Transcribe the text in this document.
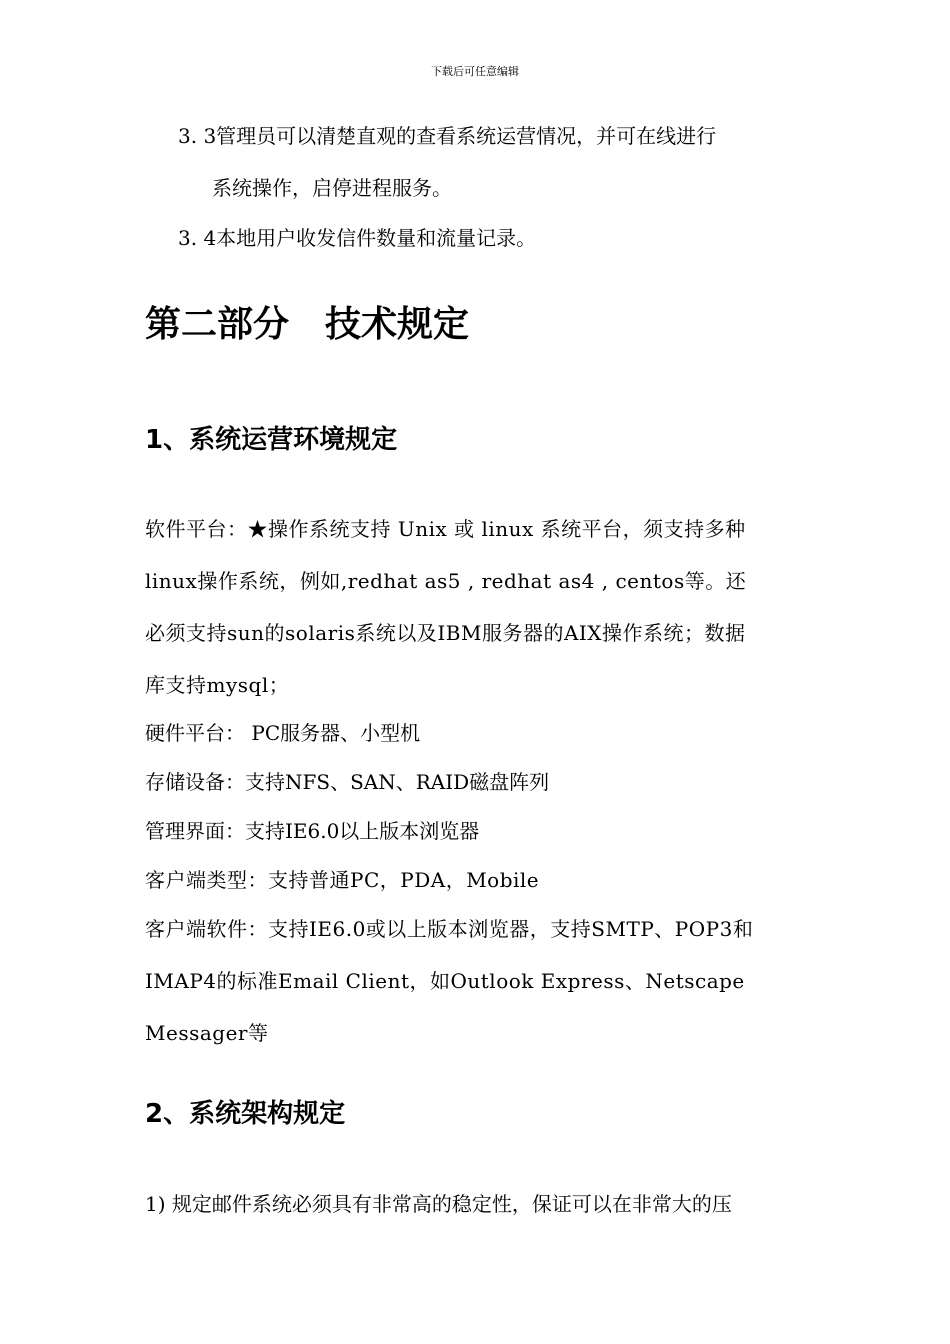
下载后可任意编辑
3. 3管理员可以清楚直观的查看系统运营情况，并可在线进行
系统操作，启停进程服务。
3. 4本地用户收发信件数量和流量记录。
第二部分　技术规定
1、系统运营环境规定
软件平台：★操作系统支持 Unix 或 linux 系统平台，须支持多种
linux操作系统，例如,redhat as5 , redhat as4 , centos等。还
必须支持sun的solaris系统以及IBM服务器的AIX操作系统；数据
库支持mysql；
硬件平台： PC服务器、小型机
存储设备：支持NFS、SAN、RAID磁盘阵列
管理界面：支持IE6.0以上版本浏览器
客户端类型：支持普通PC，PDA，Mobile
客户端软件：支持IE6.0或以上版本浏览器，支持SMTP、POP3和
IMAP4的标准Email Client，如Outlook Express、Netscape
Messager等
2、系统架构规定
1) 规定邮件系统必须具有非常高的稳定性，保证可以在非常大的压
